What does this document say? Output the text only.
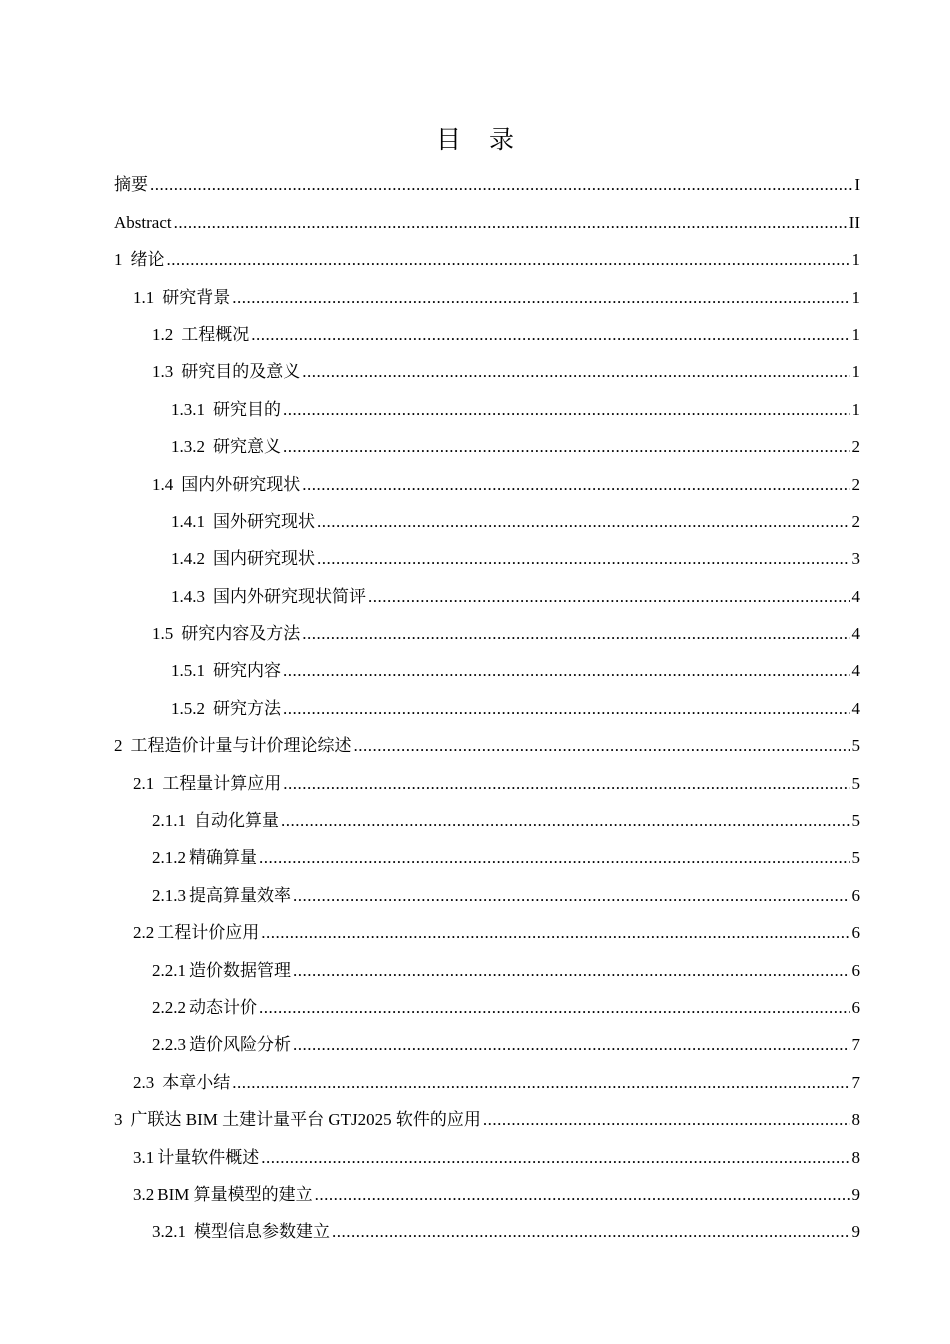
目 录
摘要 .....	I
Abstract .....	II
1 绪论 .....	1
1.1 研究背景 .....	1
1.2 工程概况 .....	1
1.3 研究目的及意义 .....	1
1.3.1 研究目的 .....	1
1.3.2 研究意义 .....	2
1.4 国内外研究现状 .....	2
1.4.1 国外研究现状 .....	2
1.4.2 国内研究现状 .....	3
1.4.3 国内外研究现状简评 .....	4
1.5 研究内容及方法 .....	4
1.5.1 研究内容 .....	4
1.5.2 研究方法 .....	4
2 工程造价计量与计价理论综述 .....	5
2.1 工程量计算应用 .....	5
2.1.1 自动化算量 .....	5
2.1.2 精确算量 .....	5
2.1.3 提高算量效率 .....	6
2.2 工程计价应用 .....	6
2.2.1 造价数据管理 .....	6
2.2.2 动态计价 .....	6
2.2.3 造价风险分析 .....	7
2.3 本章小结 .....	7
3 广联达 BIM 土建计量平台 GTJ2025 软件的应用 .....	8
3.1 计量软件概述 .....	8
3.2 BIM 算量模型的建立 .....	9
3.2.1 模型信息参数建立 .....	9
